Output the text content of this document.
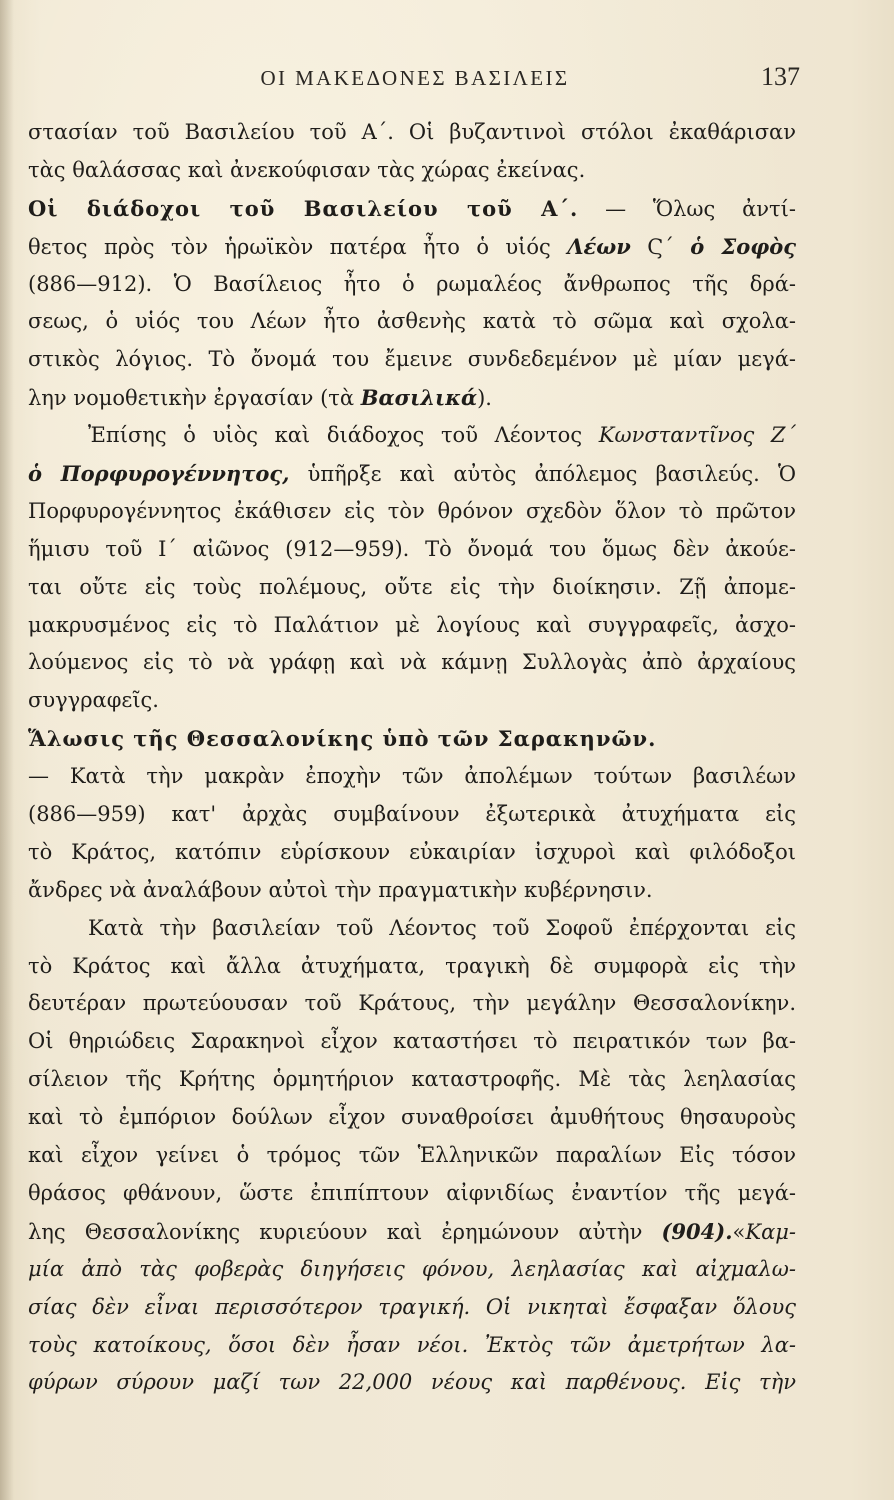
ΟΙ ΜΑΚΕΔΟΝΕΣ ΒΑΣΙΛΕΙΣ	137
στασίαν τοῦ Βασιλείου τοῦ Α΄. Οἱ βυζαντινοὶ στόλοι ἐκαθάρισαν
τὰς θαλάσσας καὶ ἀνεκούφισαν τὰς χώρας ἐκείνας.
Οἱ διάδοχοι τοῦ Βασιλείου τοῦ Α΄. — Ὅλως ἀντί-
θετος πρὸς τὸν ἡρωϊκὸν πατέρα ἦτο ὁ υἱός Λέων Ϛ΄ ὁ Σοφὸς
(886—912). Ὁ Βασίλειος ἦτο ὁ ρωμαλέος ἄνθρωπος τῆς δρά-
σεως, ὁ υἱός του Λέων ἦτο ἀσθενὴς κατὰ τὸ σῶμα καὶ σχολα-
στικὸς λόγιος. Τὸ ὄνομά του ἔμεινε συνδεδεμένον μὲ μίαν μεγά-
λην νομοθετικὴν ἐργασίαν (τὰ Βασιλικά).
Ἐπίσης ὁ υἱὸς καὶ διάδοχος τοῦ Λέοντος Κωνσταντῖνος Ζ΄
ὁ Πορφυρογέννητος, ὑπῆρξε καὶ αὐτὸς ἀπόλεμος βασιλεύς. Ὁ
Πορφυρογέννητος ἐκάθισεν εἰς τὸν θρόνον σχεδὸν ὅλον τὸ πρῶτον
ἥμισυ τοῦ Ι΄ αἰῶνος (912—959). Τὸ ὄνομά του ὅμως δὲν ἀκούε-
ται οὔτε εἰς τοὺς πολέμους, οὔτε εἰς τὴν διοίκησιν. Ζῇ ἀπομε-
μακρυσμένος εἰς τὸ Παλάτιον μὲ λογίους καὶ συγγραφεῖς, ἀσχο-
λούμενος εἰς τὸ νὰ γράφῃ καὶ νὰ κάμνῃ Συλλογὰς ἀπὸ ἀρχαίους
συγγραφεῖς.
Ἅλωσις τῆς Θεσσαλονίκης ὑπὸ τῶν Σαρακηνῶν.
— Κατὰ τὴν μακρὰν ἐποχὴν τῶν ἀπολέμων τούτων βασιλέων
(886—959) κατ' ἀρχὰς συμβαίνουν ἐξωτερικὰ ἀτυχήματα εἰς
τὸ Κράτος, κατόπιν εὑρίσκουν εὐκαιρίαν ἰσχυροὶ καὶ φιλόδοξοι
ἄνδρες νὰ ἀναλάβουν αὐτοὶ τὴν πραγματικὴν κυβέρνησιν.
Κατὰ τὴν βασιλείαν τοῦ Λέοντος τοῦ Σοφοῦ ἐπέρχονται εἰς
τὸ Κράτος καὶ ἄλλα ἀτυχήματα, τραγικὴ δὲ συμφορὰ εἰς τὴν
δευτέραν πρωτεύουσαν τοῦ Κράτους, τὴν μεγάλην Θεσσαλονίκην.
Οἱ θηριώδεις Σαρακηνοὶ εἶχον καταστήσει τὸ πειρατικόν των βα-
σίλειον τῆς Κρήτης ὁρμητήριον καταστροφῆς. Μὲ τὰς λεηλασίας
καὶ τὸ ἐμπόριον δούλων εἶχον συναθροίσει ἀμυθήτους θησαυροὺς
καὶ εἶχον γείνει ὁ τρόμος τῶν Ἑλληνικῶν παραλίων Εἰς τόσον
θράσος φθάνουν, ὥστε ἐπιπίπτουν αἰφνιδίως ἐναντίον τῆς μεγά-
λης Θεσσαλονίκης κυριεύουν καὶ ἐρημώνουν αὐτὴν (904).«Καμ-
μία ἀπὸ τὰς φοβερὰς διηγήσεις φόνου, λεηλασίας καὶ αἰχμαλω-
σίας δὲν εἶναι περισσότερον τραγική. Οἱ νικηταὶ ἔσφαξαν ὅλους
τοὺς κατοίκους, ὅσοι δὲν ἦσαν νέοι. Ἐκτὸς τῶν ἀμετρήτων λα-
φύρων σύρουν μαζί των 22,000 νέους καὶ παρθένους. Εἰς τὴν
